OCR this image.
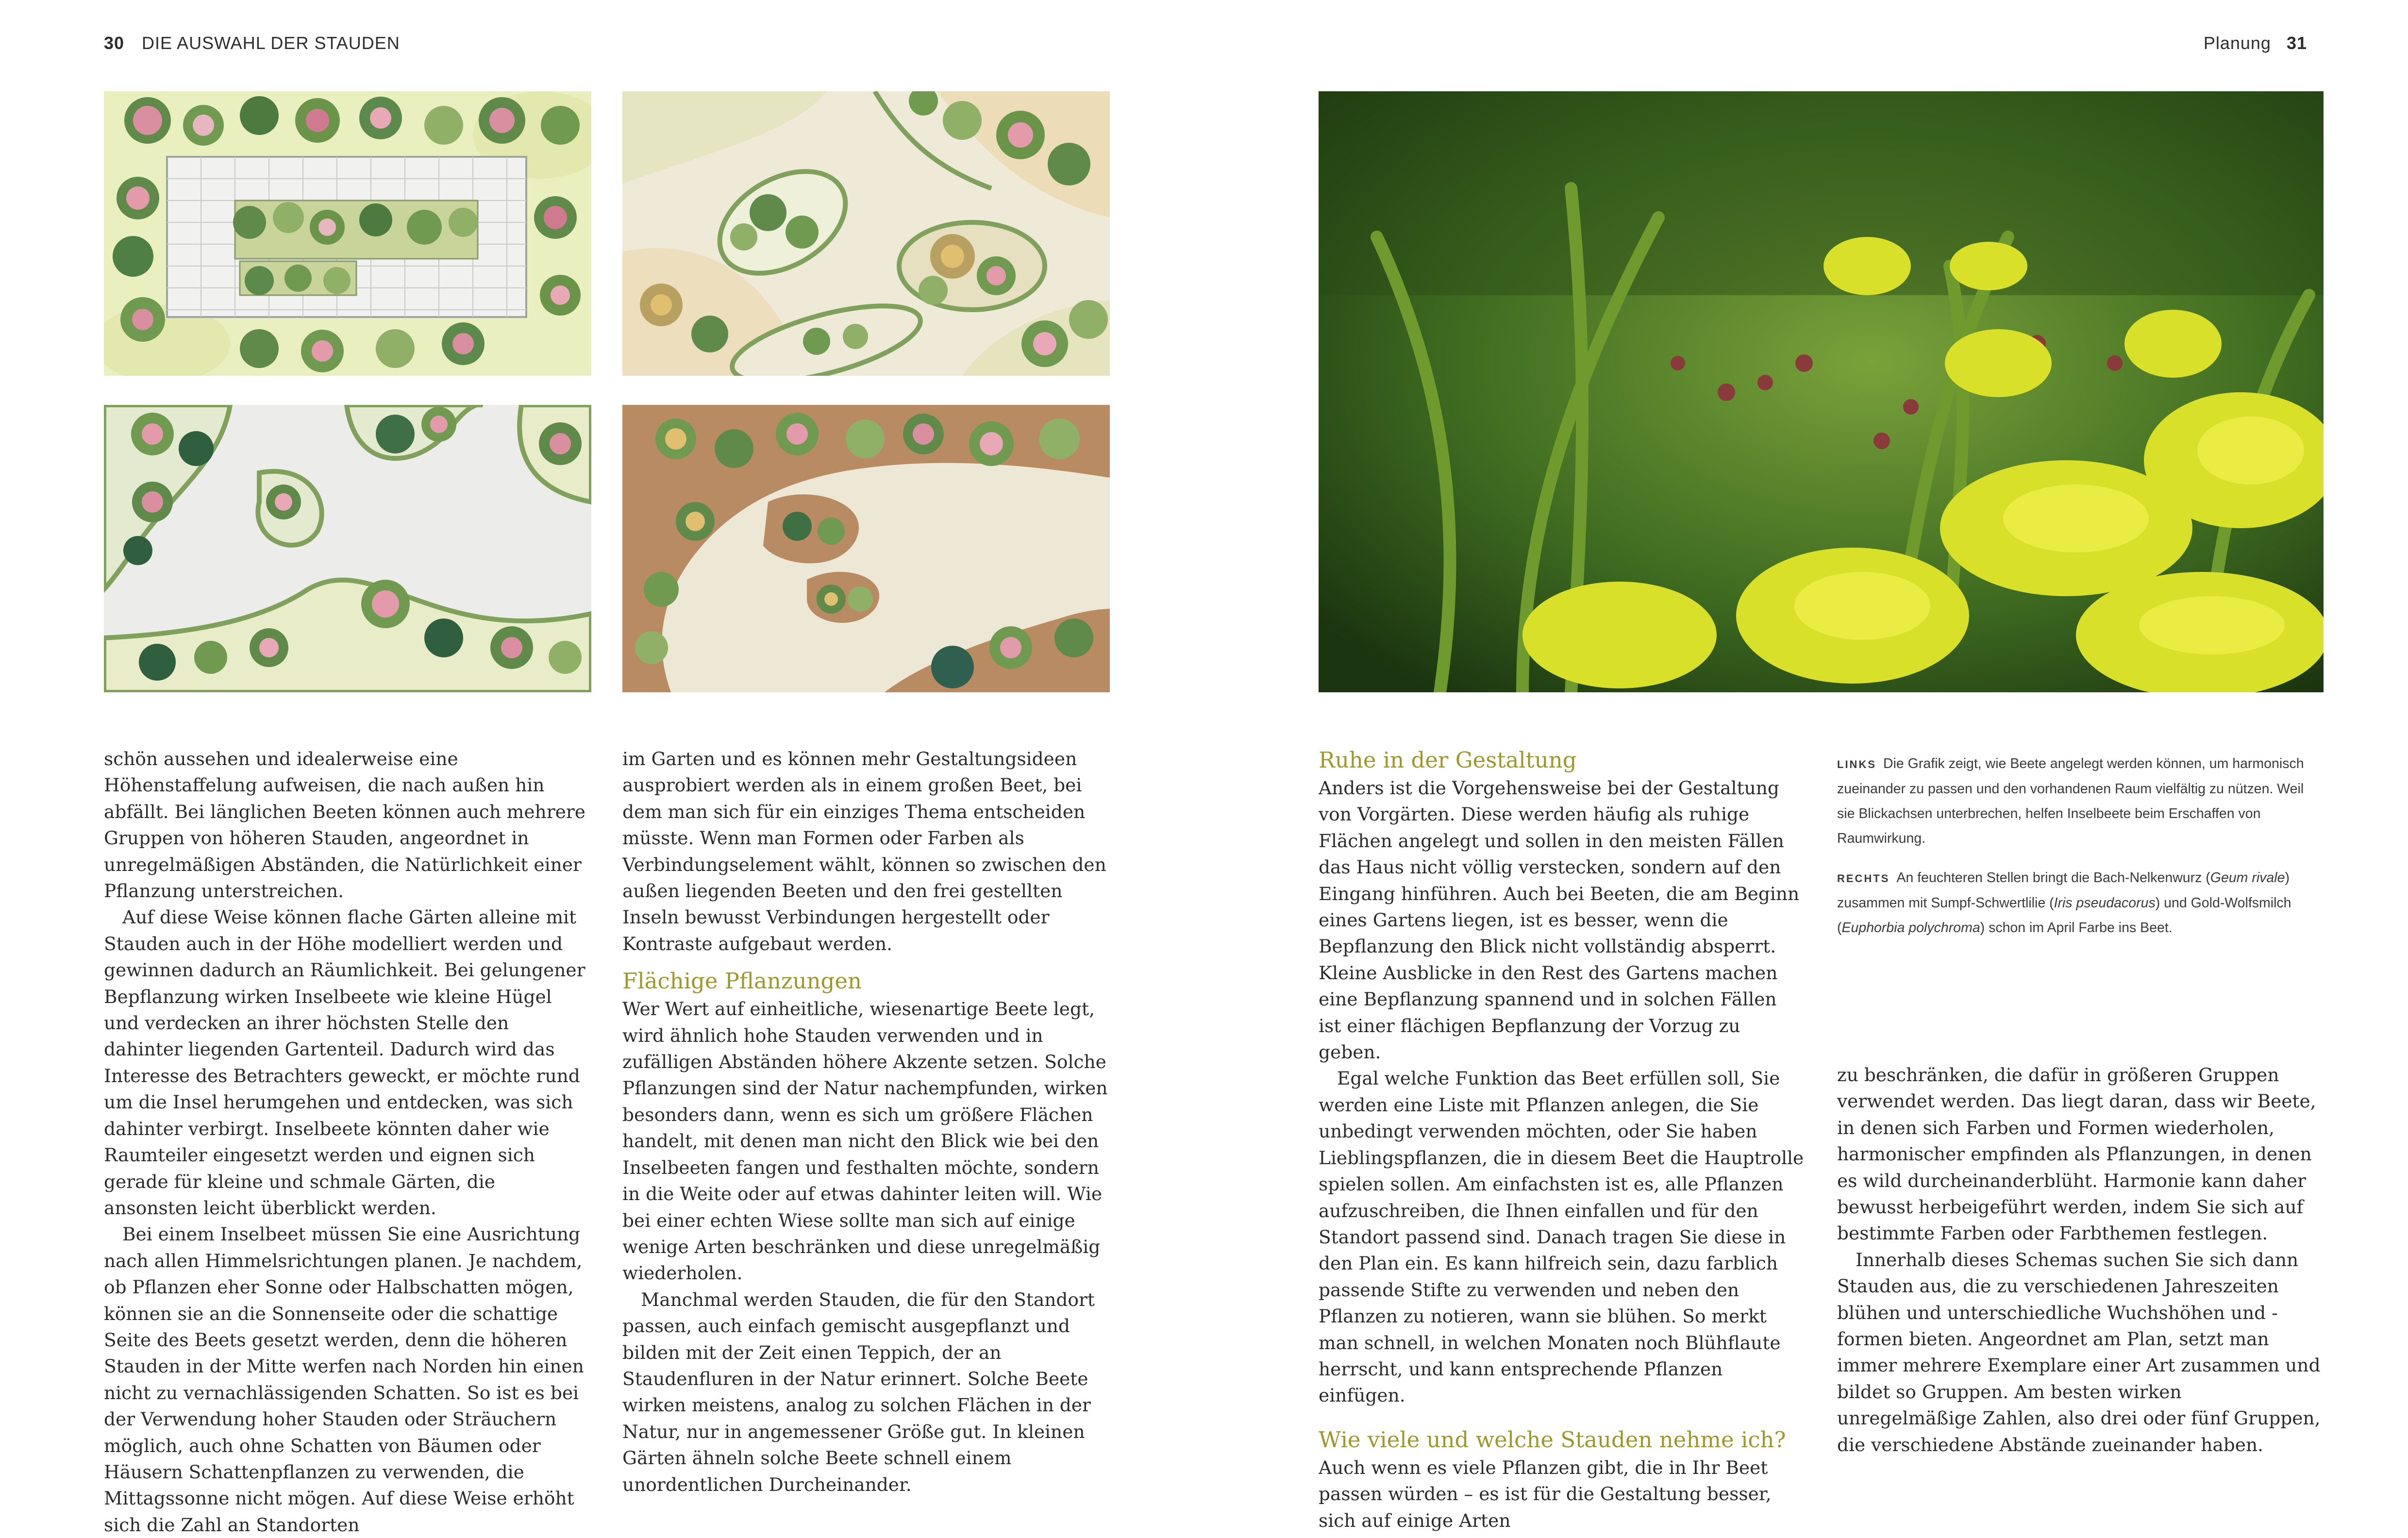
30 DIE AUSWAHL DER STAUDEN	Planung 31

schön aussehen und idealerweise eine Höhenstaffelung aufweisen, die nach außen hin abfällt. Bei länglichen Beeten können auch mehrere Gruppen von höheren Stauden, angeordnet in unregelmäßigen Abständen, die Natürlichkeit einer Pflanzung unterstreichen.

Auf diese Weise können flache Gärten alleine mit Stauden auch in der Höhe modelliert werden und gewinnen dadurch an Räumlichkeit. Bei gelungener Bepflanzung wirken Inselbeete wie kleine Hügel und verdecken an ihrer höchsten Stelle den dahinter liegenden Gartenteil. Dadurch wird das Interesse des Betrachters geweckt, er möchte rund um die Insel herumgehen und entdecken, was sich dahinter verbirgt. Inselbeete könnten daher wie Raumteiler eingesetzt werden und eignen sich gerade für kleine und schmale Gärten, die ansonsten leicht überblickt werden.

Bei einem Inselbeet müssen Sie eine Ausrichtung nach allen Himmelsrichtungen planen. Je nachdem, ob Pflanzen eher Sonne oder Halbschatten mögen, können sie an die Sonnenseite oder die schattige Seite des Beets gesetzt werden, denn die höheren Stauden in der Mitte werfen nach Norden hin einen nicht zu vernachlässigenden Schatten. So ist es bei der Verwendung hoher Stauden oder Sträuchern möglich, auch ohne Schatten von Bäumen oder Häusern Schattenpflanzen zu verwenden, die Mittagssonne nicht mögen. Auf diese Weise erhöht sich die Zahl an Standorten

im Garten und es können mehr Gestaltungsideen ausprobiert werden als in einem großen Beet, bei dem man sich für ein einziges Thema entscheiden müsste. Wenn man Formen oder Farben als Verbindungselement wählt, können so zwischen den außen liegenden Beeten und den frei gestellten Inseln bewusst Verbindungen hergestellt oder Kontraste aufgebaut werden.

Flächige Pflanzungen

Wer Wert auf einheitliche, wiesenartige Beete legt, wird ähnlich hohe Stauden verwenden und in zufälligen Abständen höhere Akzente setzen. Solche Pflanzungen sind der Natur nachempfunden, wirken besonders dann, wenn es sich um größere Flächen handelt, mit denen man nicht den Blick wie bei den Inselbeeten fangen und festhalten möchte, sondern in die Weite oder auf etwas dahinter leiten will. Wie bei einer echten Wiese sollte man sich auf einige wenige Arten beschränken und diese unregelmäßig wiederholen.

Manchmal werden Stauden, die für den Standort passen, auch einfach gemischt ausgepflanzt und bilden mit der Zeit einen Teppich, der an Staudenfluren in der Natur erinnert. Solche Beete wirken meistens, analog zu solchen Flächen in der Natur, nur in angemessener Größe gut. In kleinen Gärten ähneln solche Beete schnell einem unordentlichen Durcheinander.

Ruhe in der Gestaltung

Anders ist die Vorgehensweise bei der Gestaltung von Vorgärten. Diese werden häufig als ruhige Flächen angelegt und sollen in den meisten Fällen das Haus nicht völlig verstecken, sondern auf den Eingang hinführen. Auch bei Beeten, die am Beginn eines Gartens liegen, ist es besser, wenn die Bepflanzung den Blick nicht vollständig absperrt. Kleine Ausblicke in den Rest des Gartens machen eine Bepflanzung spannend und in solchen Fällen ist einer flächigen Bepflanzung der Vorzug zu geben.

Egal welche Funktion das Beet erfüllen soll, Sie werden eine Liste mit Pflanzen anlegen, die Sie unbedingt verwenden möchten, oder Sie haben Lieblingspflanzen, die in diesem Beet die Hauptrolle spielen sollen. Am einfachsten ist es, alle Pflanzen aufzuschreiben, die Ihnen einfallen und für den Standort passend sind. Danach tragen Sie diese in den Plan ein. Es kann hilfreich sein, dazu farblich passende Stifte zu verwenden und neben den Pflanzen zu notieren, wann sie blühen. So merkt man schnell, in welchen Monaten noch Blühflaute herrscht, und kann entsprechende Pflanzen einfügen.

Wie viele und welche Stauden nehme ich?

Auch wenn es viele Pflanzen gibt, die in Ihr Beet passen würden – es ist für die Gestaltung besser, sich auf einige Arten

LINKS Die Grafik zeigt, wie Beete angelegt werden können, um harmonisch zueinander zu passen und den vorhandenen Raum vielfältig zu nützen. Weil sie Blickachsen unterbrechen, helfen Inselbeete beim Erschaffen von Raumwirkung.

RECHTS An feuchteren Stellen bringt die Bach-Nelkenwurz (Geum rivale) zusammen mit Sumpf-Schwertlilie (Iris pseudacorus) und Gold-Wolfsmilch (Euphorbia polychroma) schon im April Farbe ins Beet.

zu beschränken, die dafür in größeren Gruppen verwendet werden. Das liegt daran, dass wir Beete, in denen sich Farben und Formen wiederholen, harmonischer empfinden als Pflanzungen, in denen es wild durcheinanderblüht. Harmonie kann daher bewusst herbeigeführt werden, indem Sie sich auf bestimmte Farben oder Farbthemen festlegen.

Innerhalb dieses Schemas suchen Sie sich dann Stauden aus, die zu verschiedenen Jahreszeiten blühen und unterschiedliche Wuchshöhen und -formen bieten. Angeordnet am Plan, setzt man immer mehrere Exemplare einer Art zusammen und bildet so Gruppen. Am besten wirken unregelmäßige Zahlen, also drei oder fünf Gruppen, die verschiedene Abstände zueinander haben.
